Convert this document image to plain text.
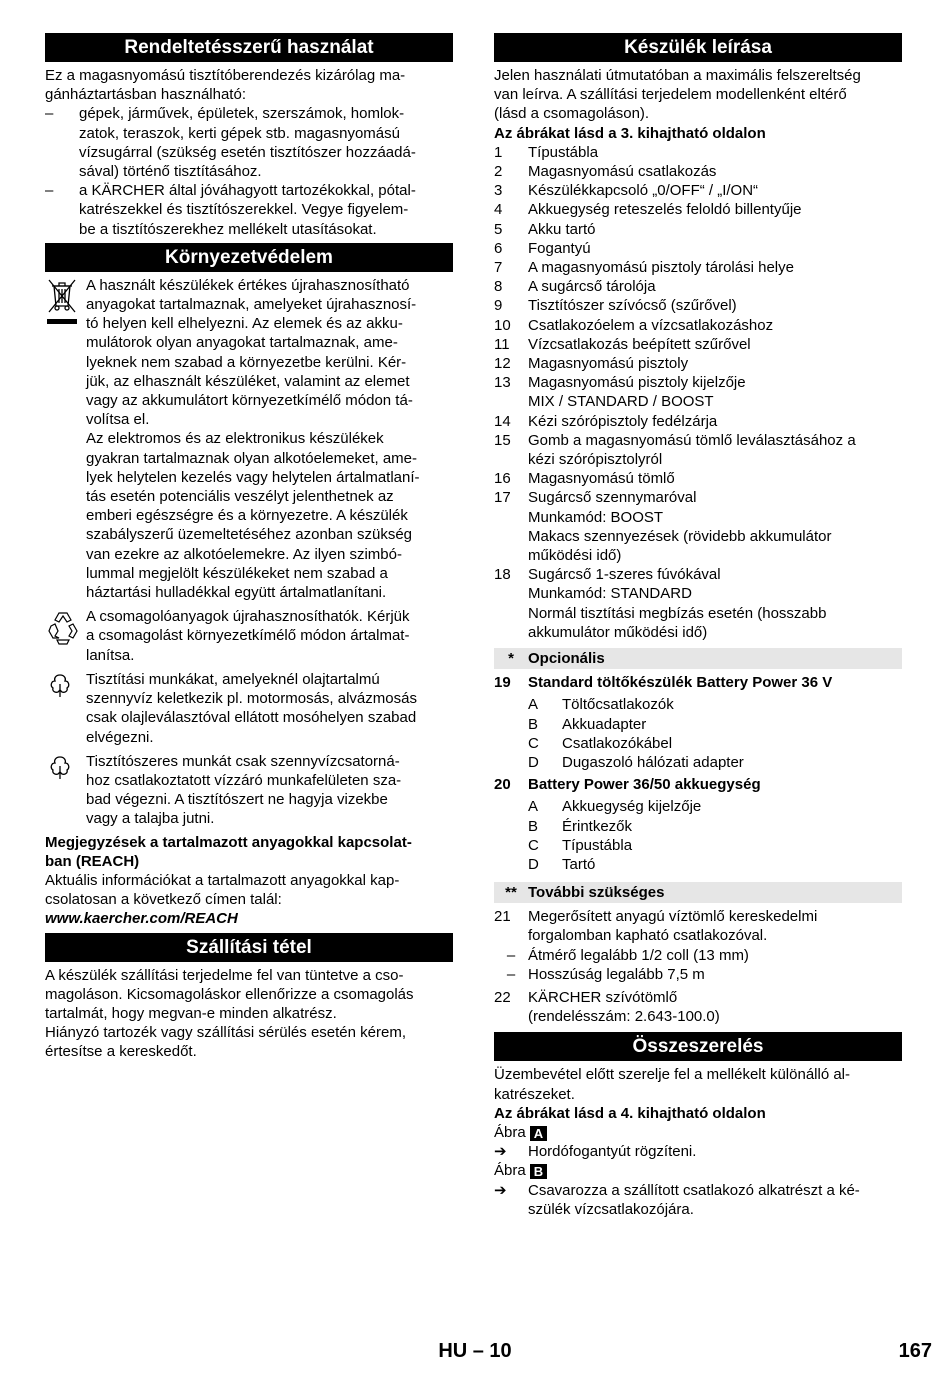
Rendeltetésszerű használat
Ez a magasnyomású tisztítóberendezés kizárólag ma-
gánháztartásban használható:
–	gépek, járművek, épületek, szerszámok, homlok-
zatok, teraszok, kerti gépek stb. magasnyomású
vízsugárral (szükség esetén tisztítószer hozzáadá-
sával) történő tisztításához.
–	a KÄRCHER által jóváhagyott tartozékokkal, pótal-
katrészekkel és tisztítószerekkel. Vegye figyelem-
be a tisztítószerekhez mellékelt utasításokat.
Környezetvédelem
A használt készülékek értékes újrahasznosítható
anyagokat tartalmaznak, amelyeket újrahasznosí-
tó helyen kell elhelyezni. Az elemek és az akku-
mulátorok olyan anyagokat tartalmaznak, ame-
lyeknek nem szabad a környezetbe kerülni. Kér-
jük, az elhasznált készüléket, valamint az elemet
vagy az akkumulátort környezetkímélő módon tá-
volítsa el.
Az elektromos és az elektronikus készülékek
gyakran tartalmaznak olyan alkotóelemeket, ame-
lyek helytelen kezelés vagy helytelen ártalmatlaní-
tás esetén potenciális veszélyt jelenthetnek az
emberi egészségre és a környezetre. A készülék
szabályszerű üzemeltetéséhez azonban szükség
van ezekre az alkotóelemekre. Az ilyen szimbó-
lummal megjelölt készülékeket nem szabad a
háztartási hulladékkal együtt ártalmatlanítani.
A csomagolóanyagok újrahasznosíthatók. Kérjük
a csomagolást környezetkímélő módon ártalmat-
lanítsa.
Tisztítási munkákat, amelyeknél olajtartalmú
szennyvíz keletkezik pl. motormosás, alvázmosás
csak olajleválasztóval ellátott mosóhelyen szabad
elvégezni.
Tisztítószeres munkát csak szennyvízcsatorná-
hoz csatlakoztatott vízzáró munkafelületen sza-
bad végezni. A tisztítószert ne hagyja vizekbe
vagy a talajba jutni.
Megjegyzések a tartalmazott anyagokkal kapcsolat-
ban (REACH)
Aktuális információkat a tartalmazott anyagokkal kap-
csolatosan a következő címen talál:
www.kaercher.com/REACH
Szállítási tétel
A készülék szállítási terjedelme fel van tüntetve a cso-
magoláson. Kicsomagoláskor ellenőrizze a csomagolás
tartalmát, hogy megvan-e minden alkatrész.
Hiányzó tartozék vagy szállítási sérülés esetén kérem,
értesítse a kereskedőt.
Készülék leírása
Jelen használati útmutatóban a maximális felszereltség
van leírva. A szállítási terjedelem modellenként eltérő
(lásd a csomagoláson).
Az ábrákat lásd a 3. kihajtható oldalon
1	Típustábla
2	Magasnyomású csatlakozás
3	Készülékkapcsoló „0/OFF“ / „I/ON“
4	Akkuegység reteszelés feloldó billentyűje
5	Akku tartó
6	Fogantyú
7	A magasnyomású pisztoly tárolási helye
8	A sugárcső tárolója
9	Tisztítószer szívócső (szűrővel)
10	Csatlakozóelem a vízcsatlakozáshoz
11	Vízcsatlakozás beépített szűrővel
12	Magasnyomású pisztoly
13	Magasnyomású pisztoly kijelzője
MIX / STANDARD / BOOST
14	Kézi szórópisztoly fedélzárja
15	Gomb a magasnyomású tömlő leválasztásához a
kézi szórópisztolyról
16	Magasnyomású tömlő
17	Sugárcső szennymaróval
Munkamód: BOOST
Makacs szennyezések (rövidebb akkumulátor
működési idő)
18	Sugárcső 1-szeres fúvókával
Munkamód: STANDARD
Normál tisztítási megbízás esetén (hosszabb
akkumulátor működési idő)
* Opcionális
19	Standard töltőkészülék Battery Power 36 V
A	Töltőcsatlakozók
B	Akkuadapter
C	Csatlakozókábel
D	Dugaszoló hálózati adapter
20	Battery Power 36/50 akkuegység
A	Akkuegység kijelzője
B	Érintkezők
C	Típustábla
D	Tartó
** További szükséges
21	Megerősített anyagú víztömlő kereskedelmi
forgalomban kapható csatlakozóval.
– Átmérő legalább 1/2 coll (13 mm)
– Hosszúság legalább 7,5 m
22	KÄRCHER szívótömlő
(rendelésszám: 2.643-100.0)
Összeszerelés
Üzembevétel előtt szerelje fel a mellékelt különálló al-
katrészeket.
Az ábrákat lásd a 4. kihajtható oldalon
Ábra A
➔	Hordófogantyút rögzíteni.
Ábra B
➔	Csavarozza a szállított csatlakozó alkatrészt a ké-
szülék vízcsatlakozójára.
HU – 10	167
